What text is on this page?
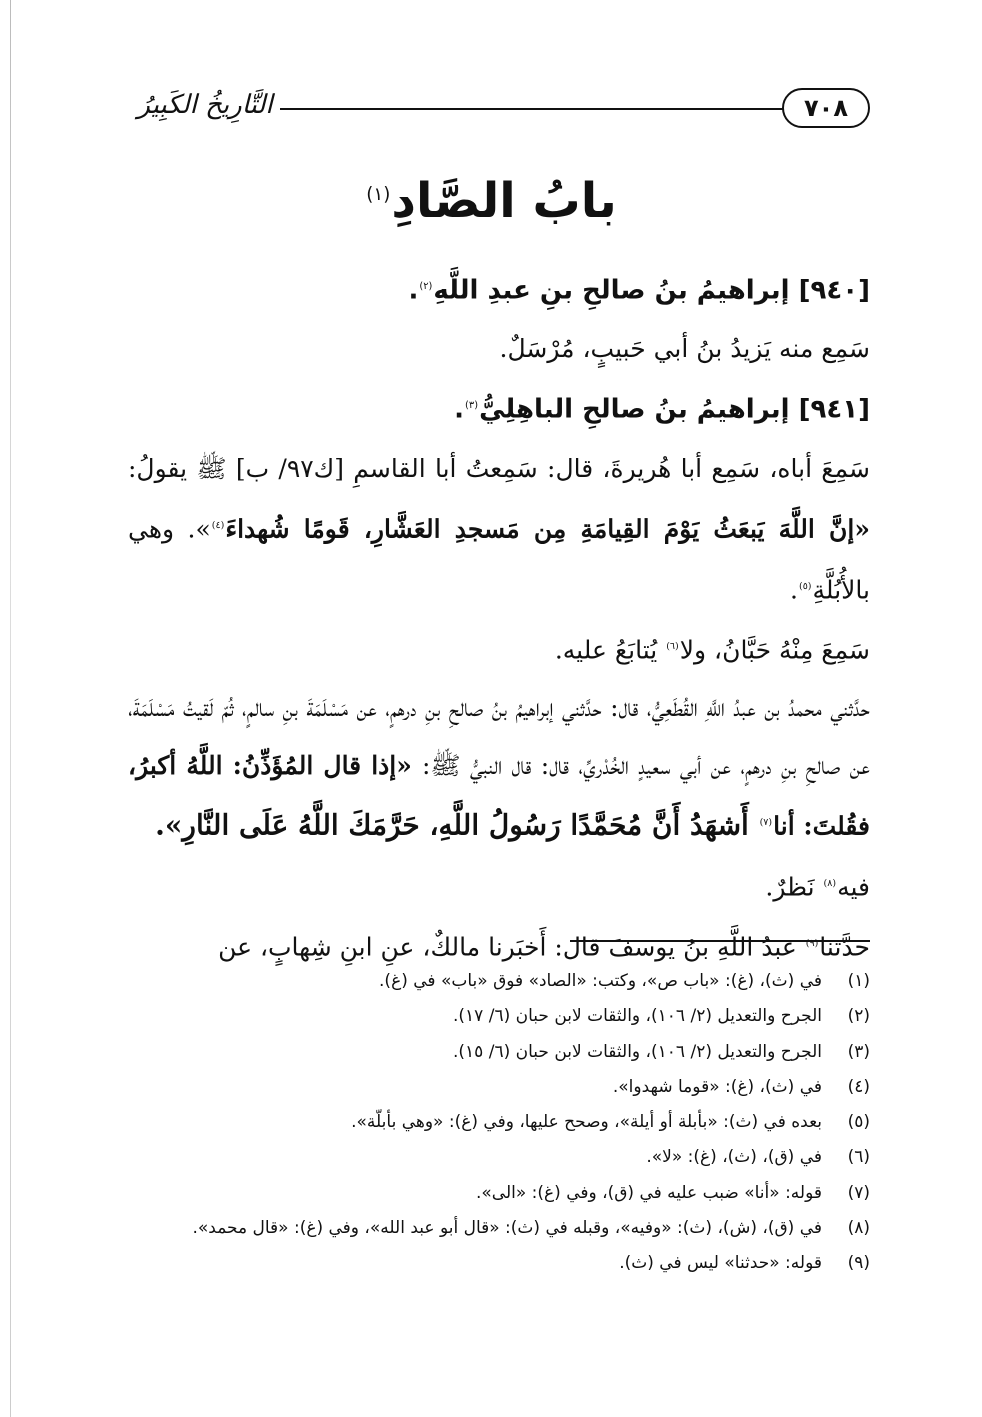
٧٠٨
التَّارِيخُ الكَبِيرُ
بابُ الصَّادِ$^{(١)}$

[٩٤٠] إبراهيمُ بنُ صالحِ بنِ عبدِ اللَّهِ$^{(٢)}$.

سَمِع منه يَزيدُ بنُ أبي حَبيبٍ، مُرْسَلٌ.

[٩٤١] إبراهيمُ بنُ صالحِ الباهِلِيُّ$^{(٣)}$.

سَمِعَ أباه، سَمِع أبا هُريرةَ، قال: سَمِعتُ أبا القاسمِ [ك٩٧/ ب] ﷺ يقولُ: «إنَّ اللَّهَ يَبعَثُ يَوْمَ القِيامَةِ مِن مَسجدِ العَشَّارِ، قَومًا شُهداءَ$^{(٤)}$». وهي بالأُبُلَّةِ$^{(٥)}$.

سَمِعَ مِنْهُ حَبَّانُ، ولا$^{(٦)}$ يُتابَعُ عليه.

حدَّثني محمدُ بن عبدُ اللَّهِ القُطَعِيُّ، قال: حدَّثني إبراهيمُ بنُ صالحِ بنِ درهمٍ، عن مَسْلَمَةَ بنِ سالمٍ، ثُمّ لَقيتُ مَسْلَمَةَ، عن صالحِ بنِ درهمٍ، عن أبي سعيدٍ الخُدْريِّ، قال: قال النبيُّ ﷺ: «إذا قال المُؤَذِّنُ: اللَّهُ أكبرُ، فقُلتَ: أنا$^{(٧)}$ أَشهَدُ أَنَّ مُحَمَّدًا رَسُولُ اللَّهِ، حَرَّمَكَ اللَّهُ عَلَى النَّارِ».

فيه$^{(٨)}$ نَظرٌ.

حدَّثنا$^{(٩)}$ عبدُ اللَّهِ بنُ يوسفَ قال: أَخبَرنا مالكٌ، عنِ ابنِ شِهابٍ، عن

(١)
في (ث)، (غ): «باب ص»، وكتب: «الصاد» فوق «باب» في (غ).
(٢)
الجرح والتعديل (٢/ ١٠٦)، والثقات لابن حبان (٦/ ١٧).
(٣)
الجرح والتعديل (٢/ ١٠٦)، والثقات لابن حبان (٦/ ١٥).
(٤)
في (ث)، (غ): «قوما شهدوا».
(٥)
بعده في (ث): «بأبلة أو أيلة»، وصحح عليها، وفي (غ): «وهي بأبلّة».
(٦)
في (ق)، (ث)، (غ): «لا».
(٧)
قوله: «أنا» ضبب عليه في (ق)، وفي (غ): «الى».
(٨)
في (ق)، (ش)، (ث): «وفيه»، وقبله في (ث): «قال أبو عبد الله»، وفي (غ): «قال محمد».
(٩)
قوله: «حدثنا» ليس في (ث).
